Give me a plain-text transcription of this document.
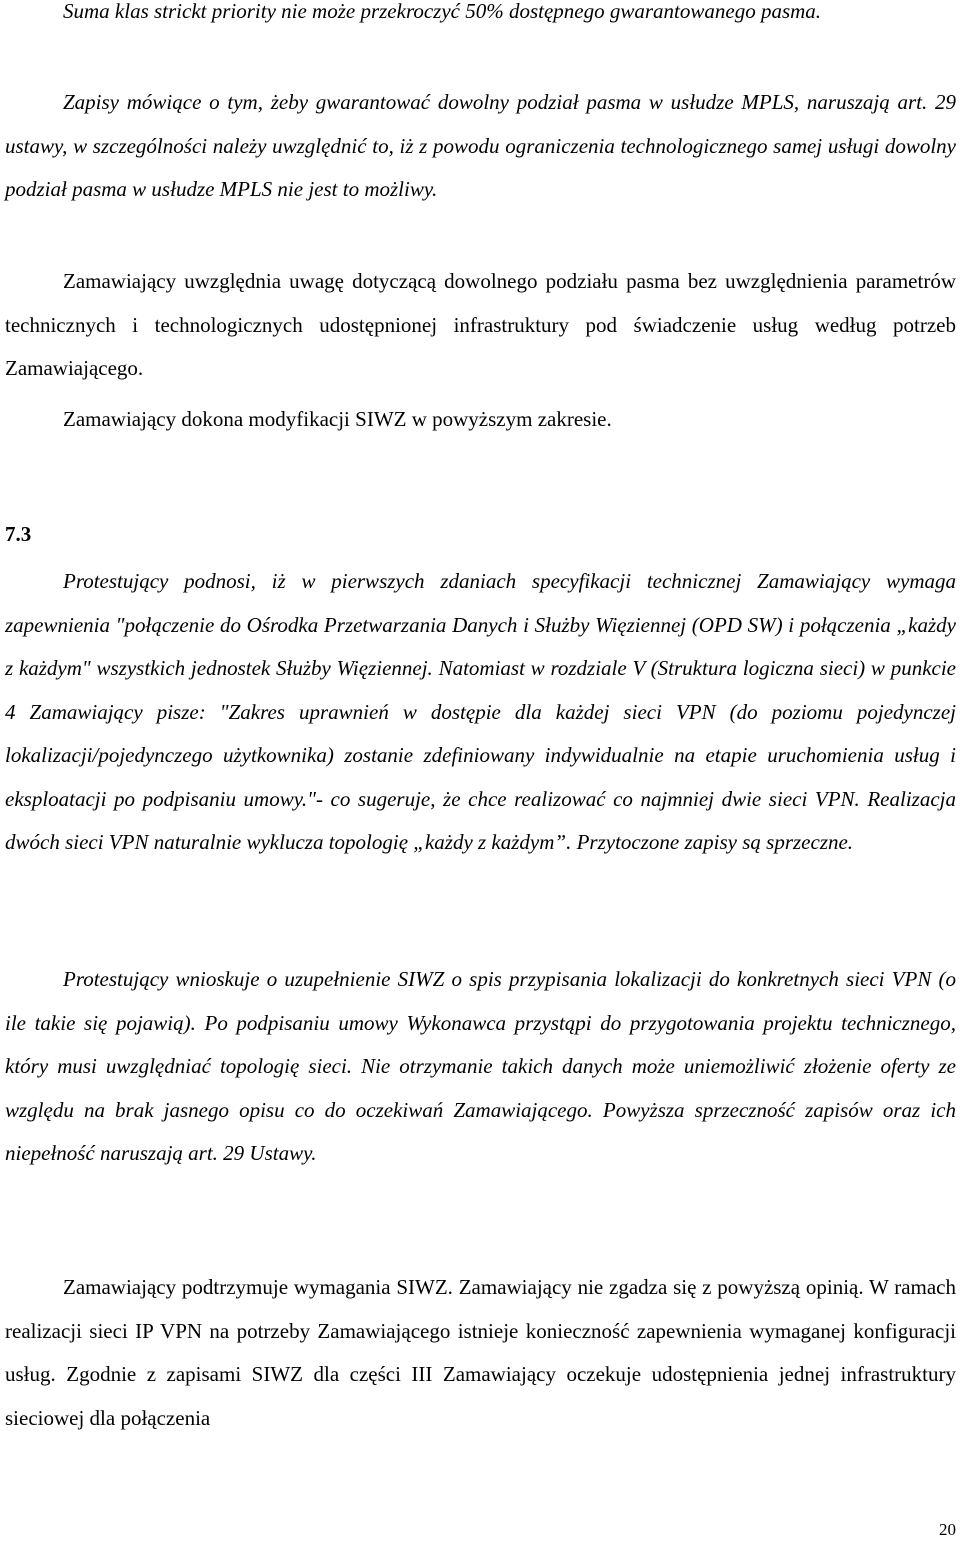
Suma klas strickt priority nie może przekroczyć 50% dostępnego gwarantowanego pasma.

Zapisy mówiące o tym, żeby gwarantować dowolny podział pasma w usłudze MPLS, naruszają art. 29 ustawy, w szczególności należy uwzględnić to, iż z powodu ograniczenia technologicznego samej usługi dowolny podział pasma w usłudze MPLS nie jest to możliwy.

Zamawiający uwzględnia uwagę dotyczącą dowolnego podziału pasma bez uwzględnienia parametrów technicznych i technologicznych udostępnionej infrastruktury pod świadczenie usług według potrzeb Zamawiającego.

Zamawiający dokona modyfikacji SIWZ w powyższym zakresie.

7.3

Protestujący podnosi, iż w pierwszych zdaniach specyfikacji technicznej Zamawiający wymaga zapewnienia "połączenie do Ośrodka Przetwarzania Danych i Służby Więziennej (OPD SW) i połączenia „każdy z każdym" wszystkich jednostek Służby Więziennej. Natomiast w rozdziale V (Struktura logiczna sieci) w punkcie 4 Zamawiający pisze: "Zakres uprawnień w dostępie dla każdej sieci VPN (do poziomu pojedynczej lokalizacji/pojedynczego użytkownika) zostanie zdefiniowany indywidualnie na etapie uruchomienia usług i eksploatacji po podpisaniu umowy."- co sugeruje, że chce realizować co najmniej dwie sieci VPN. Realizacja dwóch sieci VPN naturalnie wyklucza topologię „każdy z każdym”. Przytoczone zapisy są sprzeczne.

Protestujący wnioskuje o uzupełnienie SIWZ o spis przypisania lokalizacji do konkretnych sieci VPN (o ile takie się pojawią). Po podpisaniu umowy Wykonawca przystąpi do przygotowania projektu technicznego, który musi uwzględniać topologię sieci. Nie otrzymanie takich danych może uniemożliwić złożenie oferty ze względu na brak jasnego opisu co do oczekiwań Zamawiającego. Powyższa sprzeczność zapisów oraz ich niepełność naruszają art. 29 Ustawy.

Zamawiający podtrzymuje wymagania SIWZ. Zamawiający nie zgadza się z powyższą opinią. W ramach realizacji sieci IP VPN na potrzeby Zamawiającego istnieje konieczność zapewnienia wymaganej konfiguracji usług. Zgodnie z zapisami SIWZ dla części III Zamawiający oczekuje udostępnienia jednej infrastruktury sieciowej dla połączenia

20
